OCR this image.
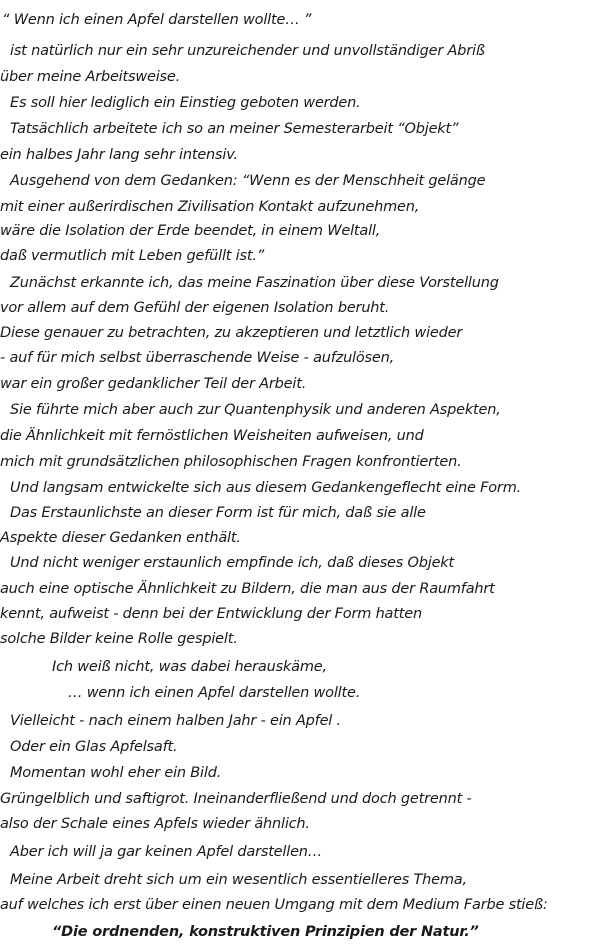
“ Wenn ich einen Apfel darstellen wollte… ”
ist natürlich nur ein sehr unzureichender und unvollständiger Abriß
über meine Arbeitsweise.
Es soll hier lediglich ein Einstieg geboten werden.
Tatsächlich arbeitete ich so an meiner Semesterarbeit “Objekt”
ein halbes Jahr lang sehr intensiv.
Ausgehend von dem Gedanken: “Wenn es der Menschheit gelänge
mit einer außerirdischen Zivilisation Kontakt aufzunehmen,
wäre die Isolation der Erde beendet, in einem Weltall,
daß vermutlich mit Leben gefüllt ist.”
Zunächst erkannte ich, das meine Faszination über diese Vorstellung
vor allem auf dem Gefühl der eigenen Isolation beruht.
Diese genauer zu betrachten, zu akzeptieren und letztlich wieder
- auf für mich selbst überraschende Weise - aufzulösen,
war ein großer gedanklicher Teil der Arbeit.
Sie führte mich aber auch zur Quantenphysik und anderen Aspekten,
die Ähnlichkeit mit fernöstlichen Weisheiten aufweisen, und
mich mit grundsätzlichen philosophischen Fragen konfrontierten.
Und langsam entwickelte sich aus diesem Gedankengeflecht eine Form.
Das Erstaunlichste an dieser Form ist für mich, daß sie alle
Aspekte dieser Gedanken enthält.
Und nicht weniger erstaunlich empfinde ich, daß dieses Objekt
auch eine optische Ähnlichkeit zu Bildern, die man aus der Raumfahrt
kennt, aufweist - denn bei der Entwicklung der Form hatten
solche Bilder keine Rolle gespielt.
Ich weiß nicht, was dabei herauskäme,
… wenn ich einen Apfel darstellen wollte.
Vielleicht - nach einem halben Jahr - ein Apfel .
Oder ein Glas Apfelsaft.
Momentan wohl eher ein Bild.
Grüngelblich und saftigrot. Ineinanderfließend und doch getrennt -
also der Schale eines Apfels wieder ähnlich.
Aber ich will ja gar keinen Apfel darstellen…
Meine Arbeit dreht sich um ein wesentlich essentielleres Thema,
auf welches ich erst über einen neuen Umgang mit dem Medium Farbe stieß:
“Die ordnenden, konstruktiven Prinzipien der Natur.”
